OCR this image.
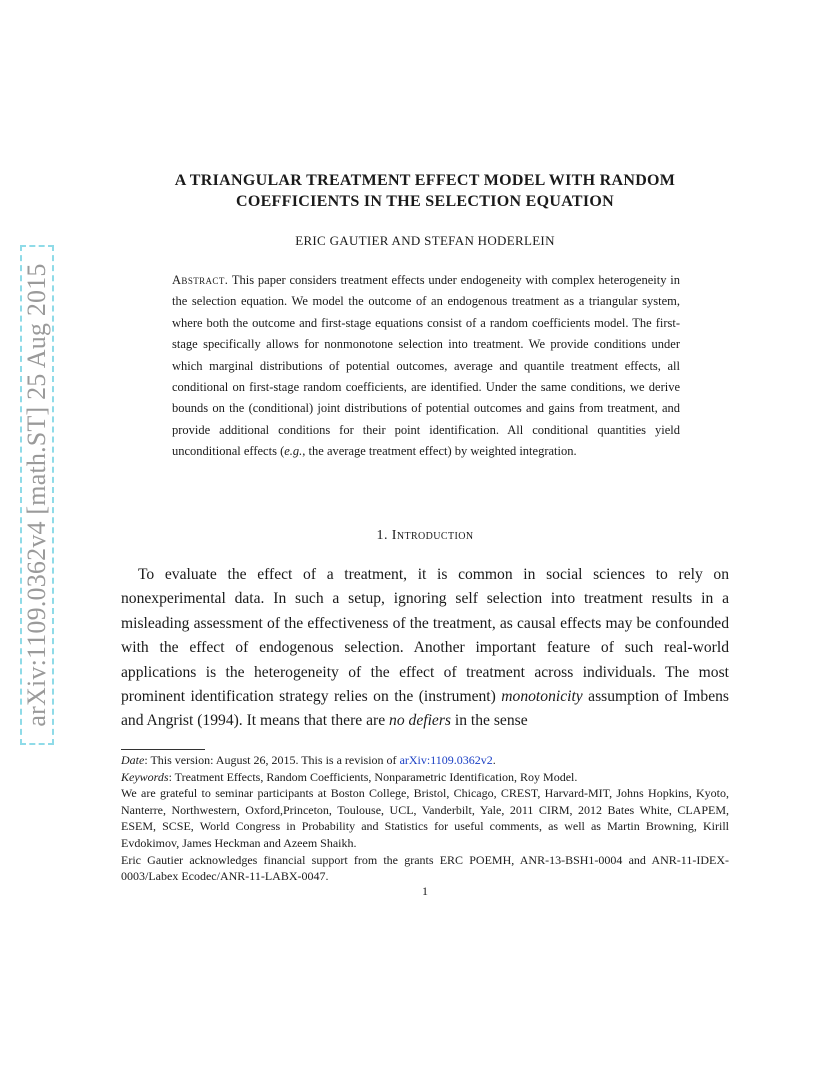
arXiv:1109.0362v4 [math.ST] 25 Aug 2015
A TRIANGULAR TREATMENT EFFECT MODEL WITH RANDOM
COEFFICIENTS IN THE SELECTION EQUATION
ERIC GAUTIER AND STEFAN HODERLEIN
Abstract. This paper considers treatment effects under endogeneity with complex heterogeneity in the selection equation. We model the outcome of an endogenous treatment as a triangular system, where both the outcome and first-stage equations consist of a random coefficients model. The first-stage specifically allows for nonmonotone selection into treatment. We provide conditions under which marginal distributions of potential outcomes, average and quantile treatment effects, all conditional on first-stage random coefficients, are identified. Under the same conditions, we derive bounds on the (conditional) joint distributions of potential outcomes and gains from treatment, and provide additional conditions for their point identification. All conditional quantities yield unconditional effects (e.g., the average treatment effect) by weighted integration.
1. Introduction
To evaluate the effect of a treatment, it is common in social sciences to rely on nonexperimental data. In such a setup, ignoring self selection into treatment results in a misleading assessment of the effectiveness of the treatment, as causal effects may be confounded with the effect of endogenous selection. Another important feature of such real-world applications is the heterogeneity of the effect of treatment across individuals. The most prominent identification strategy relies on the (instrument) monotonicity assumption of Imbens and Angrist (1994). It means that there are no defiers in the sense

Date: This version: August 26, 2015. This is a revision of arXiv:1109.0362v2.

Keywords: Treatment Effects, Random Coefficients, Nonparametric Identification, Roy Model.

We are grateful to seminar participants at Boston College, Bristol, Chicago, CREST, Harvard-MIT, Johns Hopkins, Kyoto, Nanterre, Northwestern, Oxford,Princeton, Toulouse, UCL, Vanderbilt, Yale, 2011 CIRM, 2012 Bates White, CLAPEM, ESEM, SCSE, World Congress in Probability and Statistics for useful comments, as well as Martin Browning, Kirill Evdokimov, James Heckman and Azeem Shaikh.

Eric Gautier acknowledges financial support from the grants ERC POEMH, ANR-13-BSH1-0004 and ANR-11-IDEX-0003/Labex Ecodec/ANR-11-LABX-0047.

1
